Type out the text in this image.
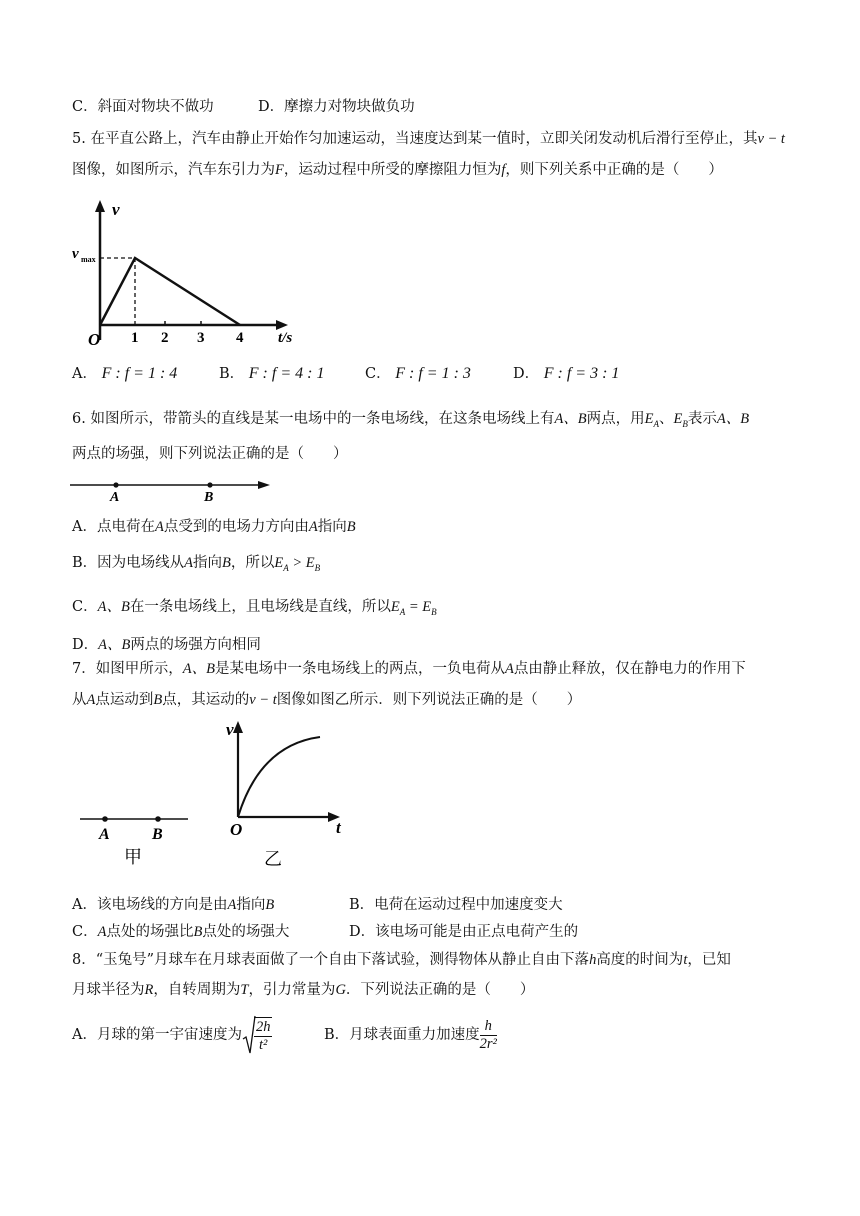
C．斜面对物块不做功	D．摩擦力对物块做负功
5. 在平直公路上，汽车由静止开始作匀加速运动，当速度达到某一值时，立即关闭发动机后滑行至停止，其v − t
图像，如图所示，汽车东引力为F，运动过程中所受的摩擦阻力恒为f，则下列关系中正确的是（　　）
v
v max
O 1 2 3 4 t/s
A． F : f = 1 : 4	B． F : f = 4 : 1	C． F : f = 1 : 3	D． F : f = 3 : 1
6. 如图所示，带箭头的直线是某一电场中的一条电场线，在这条电场线上有A、B两点，用$E_A$、$E_B$表示A、B
两点的场强，则下列说法正确的是（　　）
A	B
A．点电荷在A点受到的电场力方向由A指向B
B．因为电场线从A指向B，所以$E_A > E_B$
C．A、B在一条电场线上，且电场线是直线，所以$E_A = E_B$
D．A、B两点的场强方向相同
7．如图甲所示，A、B是某电场中一条电场线上的两点，一负电荷从A点由静止释放，仅在静电力的作用下
从A点运动到B点，其运动的v − t图像如图乙所示．则下列说法正确的是（　　）
A	B
甲
v
O	t
乙
A．该电场线的方向是由A指向B	B．电荷在运动过程中加速度变大
C．A点处的场强比B点处的场强大	D．该电场可能是由正点电荷产生的
8．“玉兔号”月球车在月球表面做了一个自由下落试验，测得物体从静止自由下落h高度的时间为t，已知
月球半径为R，自转周期为T，引力常量为G．下列说法正确的是（　　）
A．月球的第一宇宙速度为 $\frac{2h}{\text{t²}}$	B．月球表面重力加速度 $\frac{h}{\text{2r²}}$
